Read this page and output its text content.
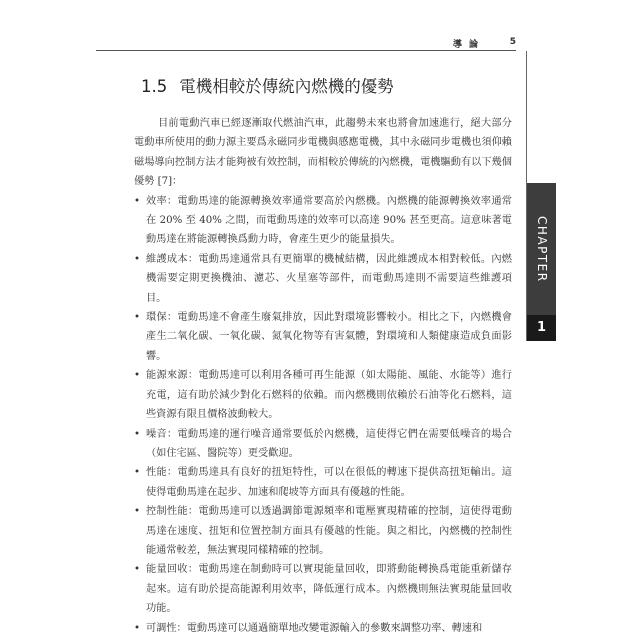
導 論	5
CHAPTER
1
1.5 電機相較於傳統內燃機的優勢

目前電動汽車已經逐漸取代燃油汽車，此趨勢未來也將會加速進行，絕大部分電動車所使用的動力源主要爲永磁同步電機與感應電機，其中永磁同步電機也須仰賴磁場導向控制方法才能夠被有效控制，而相較於傳統的內燃機，電機驅動有以下幾個優勢 [7]：

• 效率：電動馬達的能源轉換效率通常要高於內燃機。內燃機的能源轉換效率通常在 20% 至 40% 之間，而電動馬達的效率可以高達 90% 甚至更高。這意味著電動馬達在將能源轉換爲動力時，會產生更少的能量損失。
• 維護成本：電動馬達通常具有更簡單的機械結構，因此維護成本相對較低。內燃機需要定期更換機油、濾芯、火星塞等部件，而電動馬達則不需要這些維護項目。
• 環保：電動馬達不會產生廢氣排放，因此對環境影響較小。相比之下，內燃機會產生二氧化碳、一氧化碳、氮氧化物等有害氣體，對環境和人類健康造成負面影響。
• 能源來源：電動馬達可以利用各種可再生能源（如太陽能、風能、水能等）進行充電，這有助於減少對化石燃料的依賴。而內燃機則依賴於石油等化石燃料，這些資源有限且價格波動較大。
• 噪音：電動馬達的運行噪音通常要低於內燃機，這使得它們在需要低噪音的場合（如住宅區、醫院等）更受歡迎。
• 性能：電動馬達具有良好的扭矩特性，可以在很低的轉速下提供高扭矩輸出。這使得電動馬達在起步、加速和爬坡等方面具有優越的性能。
• 控制性能：電動馬達可以透過調節電源頻率和電壓實現精確的控制，這使得電動馬達在速度、扭矩和位置控制方面具有優越的性能。與之相比，內燃機的控制性能通常較差，無法實現同樣精確的控制。
• 能量回收：電動馬達在制動時可以實現能量回收，即將動能轉換爲電能重新儲存起來。這有助於提高能源利用效率，降低運行成本。內燃機則無法實現能量回收功能。
• 可調性：電動馬達可以通過簡單地改變電源輸入的參數來調整功率、轉速和
